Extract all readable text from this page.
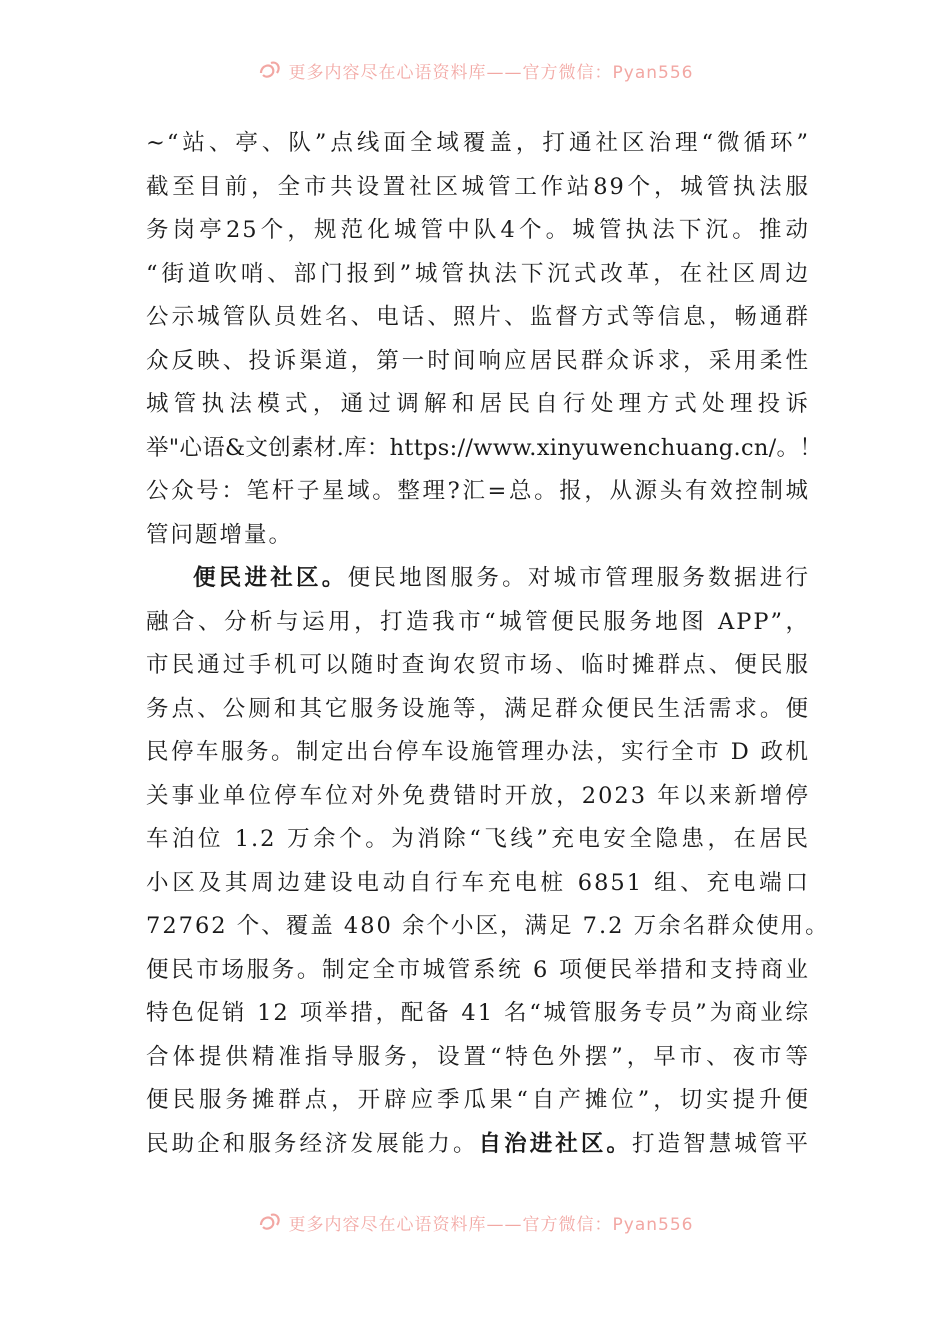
更多内容尽在心语资料库——官方微信：Pyan556

~“站、亭、队”点线面全域覆盖，打通社区治理“微循环”
截至目前，全市共设置社区城管工作站89个，城管执法服
务岗亭25个，规范化城管中队4个。城管执法下沉。推动
“街道吹哨、部门报到”城管执法下沉式改革，在社区周边
公示城管队员姓名、电话、照片、监督方式等信息，畅通群
众反映、投诉渠道，第一时间响应居民群众诉求，采用柔性
城管执法模式，通过调解和居民自行处理方式处理投诉
举"心语&文创素材.库：https://www.xinyuwenchuang.cn/。！
公众号：笔杆子星域。整理?汇=总。报，从源头有效控制城
管问题增量。

便民进社区。便民地图服务。对城市管理服务数据进行
融合、分析与运用，打造我市“城管便民服务地图 APP”，
市民通过手机可以随时查询农贸市场、临时摊群点、便民服
务点、公厕和其它服务设施等，满足群众便民生活需求。便
民停车服务。制定出台停车设施管理办法，实行全市 D 政机
关事业单位停车位对外免费错时开放，2023 年以来新增停
车泊位 1.2 万余个。为消除“飞线”充电安全隐患，在居民
小区及其周边建设电动自行车充电桩 6851 组、充电端口
72762 个、覆盖 480 余个小区，满足 7.2 万余名群众使用。
便民市场服务。制定全市城管系统 6 项便民举措和支持商业
特色促销 12 项举措，配备 41 名“城管服务专员”为商业综
合体提供精准指导服务，设置“特色外摆”，早市、夜市等
便民服务摊群点，开辟应季瓜果“自产摊位”，切实提升便
民助企和服务经济发展能力。自治进社区。打造智慧城管平

更多内容尽在心语资料库——官方微信：Pyan556
